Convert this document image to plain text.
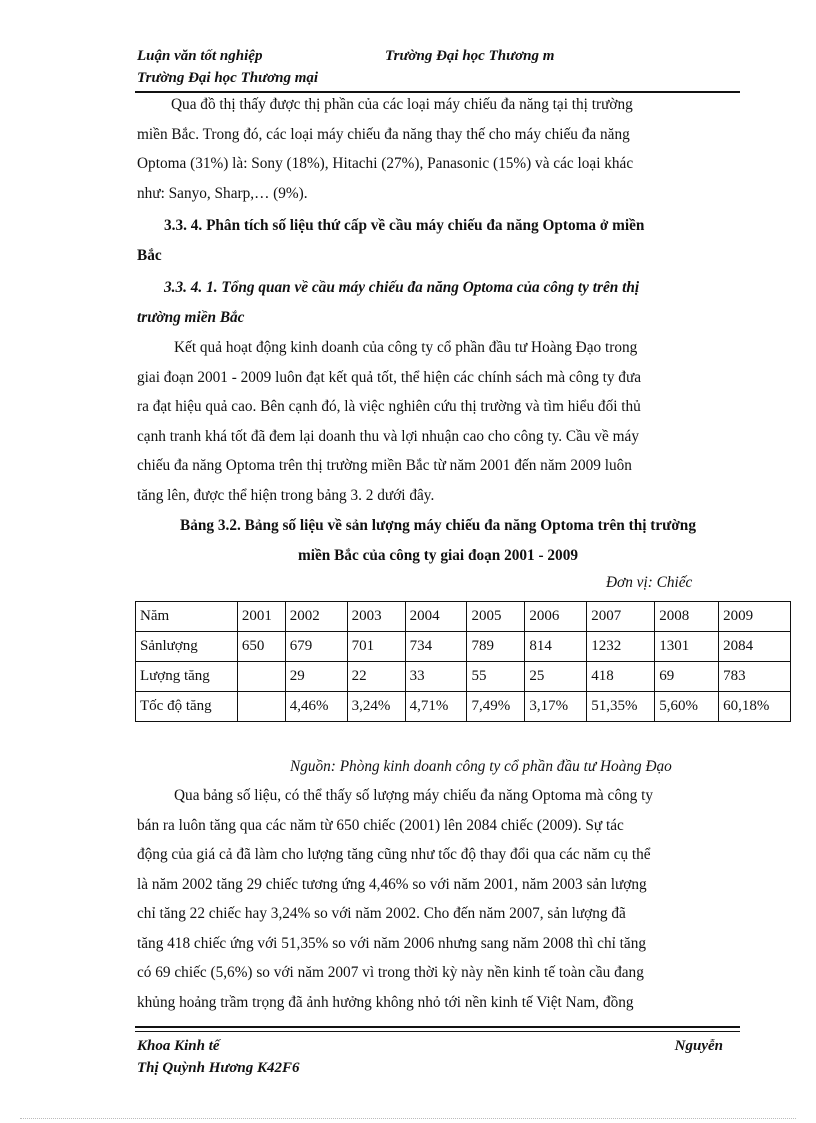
Luận văn tốt nghiệp	Trường Đại học Thương m
Trường Đại học Thương mại
Qua đồ thị thấy được thị phần của các loại máy chiếu đa năng tại thị trường
miền Bắc. Trong đó, các loại máy chiếu đa năng thay thế cho máy chiếu đa năng
Optoma (31%) là: Sony (18%), Hitachi (27%), Panasonic (15%) và các loại khác
như: Sanyo, Sharp,… (9%).
3.3. 4. Phân tích số liệu thứ cấp về cầu máy chiếu đa năng Optoma ở miền
Bắc
3.3. 4. 1. Tổng quan về cầu máy chiếu đa năng Optoma của công ty trên thị
trường miền Bắc
Kết quả hoạt động kinh doanh của công ty cổ phần đầu tư Hoàng Đạo trong
giai đoạn 2001 - 2009 luôn đạt kết quả tốt, thể hiện các chính sách mà công ty đưa
ra đạt hiệu quả cao. Bên cạnh đó, là việc nghiên cứu thị trường và tìm hiểu đối thủ
cạnh tranh khá tốt đã đem lại doanh thu và lợi nhuận cao cho công ty. Cầu về máy
chiếu đa năng Optoma trên thị trường miền Bắc từ năm 2001 đến năm 2009 luôn
tăng lên, được thể hiện trong bảng 3. 2 dưới đây.
Bảng 3.2. Bảng số liệu về sản lượng máy chiếu đa năng Optoma trên thị trường
miền Bắc của công ty giai đoạn 2001 - 2009
Đơn vị: Chiếc
Năm	2001	2002	2003	2004	2005	2006	2007	2008	2009
Sảnlượng	650	679	701	734	789	814	1232	1301	2084
Lượng tăng		29	22	33	55	25	418	69	783
Tốc độ tăng		4,46%	3,24%	4,71%	7,49%	3,17%	51,35%	5,60%	60,18%
Nguồn: Phòng kinh doanh công ty cổ phần đầu tư Hoàng Đạo
Qua bảng số liệu, có thể thấy số lượng máy chiếu đa năng Optoma mà công ty
bán ra luôn tăng qua các năm từ 650 chiếc (2001) lên 2084 chiếc (2009). Sự tác
động của giá cả đã làm cho lượng tăng cũng như tốc độ thay đổi qua các năm cụ thể
là năm 2002 tăng 29 chiếc tương ứng 4,46% so với năm 2001, năm 2003 sản lượng
chỉ tăng 22 chiếc hay 3,24% so với năm 2002. Cho đến năm 2007, sản lượng đã
tăng 418 chiếc ứng với 51,35% so với năm 2006 nhưng sang năm 2008 thì chỉ tăng
có 69 chiếc (5,6%) so với năm 2007 vì trong thời kỳ này nền kinh tế toàn cầu đang
khủng hoảng trầm trọng đã ảnh hưởng không nhỏ tới nền kinh tế Việt Nam, đồng
Khoa Kinh tế	Nguyễn
Thị Quỳnh Hương K42F6
